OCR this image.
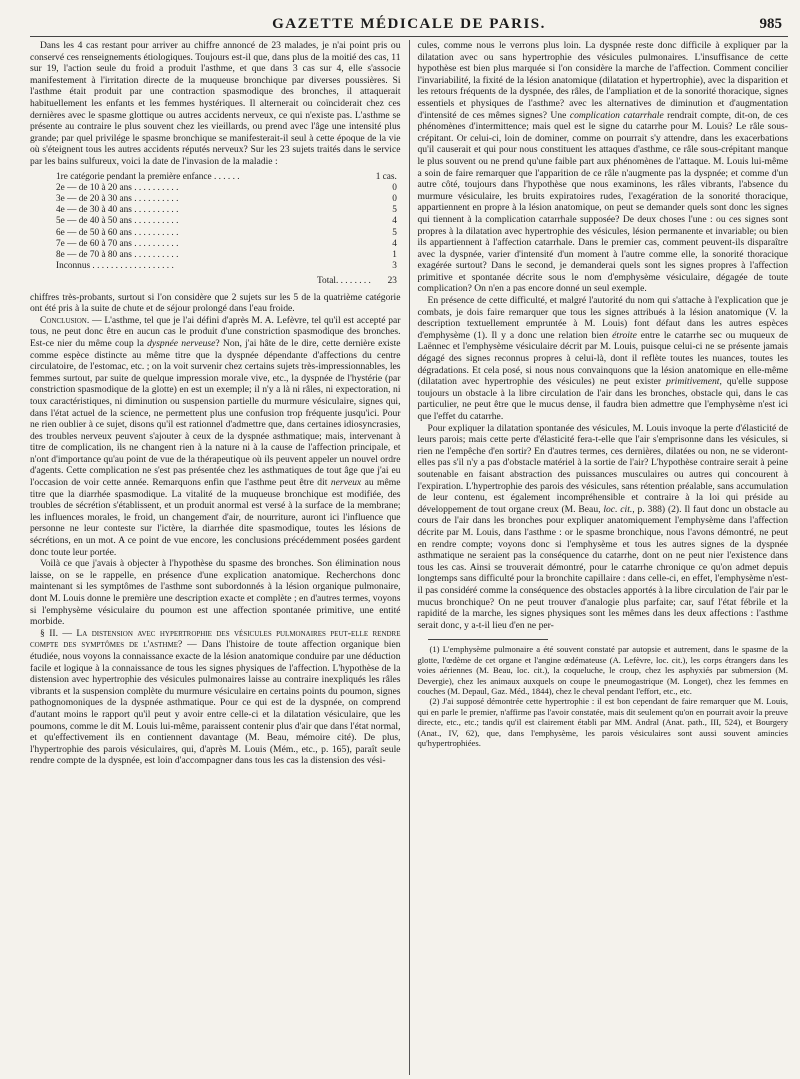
GAZETTE MÉDICALE DE PARIS.	985

Dans les 4 cas restant pour arriver au chiffre annoncé de 23 malades, je n'ai point pris ou conservé ces renseignements étiologiques. Toujours est-il que, dans plus de la moitié des cas, 11 sur 19, l'action seule du froid a produit l'asthme, et que dans 3 cas sur 4, elle s'associe manifestement à l'irritation directe de la muqueuse bronchique par diverses poussières. Si l'asthme était produit par une contraction spasmodique des bronches, il attaquerait habituellement les enfants et les femmes hystériques. Il alternerait ou coïnciderait chez ces dernières avec le spasme glottique ou autres accidents nerveux, ce qui n'existe pas. L'asthme se présente au contraire le plus souvent chez les vieillards, ou prend avec l'âge une intensité plus grande; par quel privilége le spasme bronchique se manifesterait-il seul à cette époque de la vie où s'éteignent tous les autres accidents réputés nerveux? Sur les 23 sujets traités dans le service par les bains sulfureux, voici la date de l'invasion de la maladie :

1re catégorie pendant la première enfance . . . . . .	1 cas.
2e — de 10 à 20 ans . . . . . . . . . .	0
3e — de 20 à 30 ans . . . . . . . . . .	0
4e — de 30 à 40 ans . . . . . . . . . .	5
5e — de 40 à 50 ans . . . . . . . . . .	4
6e — de 50 à 60 ans . . . . . . . . . .	5
7e — de 60 à 70 ans . . . . . . . . . .	4
8e — de 70 à 80 ans . . . . . . . . . .	1
Inconnus . . . . . . . . . . . . . . . . . .	3
Total. . . . . . . .	23

chiffres très-probants, surtout si l'on considère que 2 sujets sur les 5 de la quatrième catégorie ont été pris à la suite de chute et de séjour prolongé dans l'eau froide.

Conclusion. — L'asthme, tel que je l'ai défini d'après M. A. Lefèvre, tel qu'il est accepté par tous, ne peut donc être en aucun cas le produit d'une constriction spasmodique des bronches. Est-ce nier du même coup la dyspnée nerveuse? Non, j'ai hâte de le dire, cette dernière existe comme espèce distincte au même titre que la dyspnée dépendante d'affections du centre circulatoire, de l'estomac, etc. ; on la voit survenir chez certains sujets très-impressionnables, les femmes surtout, par suite de quelque impression morale vive, etc., la dyspnée de l'hystérie (par constriction spasmodique de la glotte) en est un exemple; il n'y a là ni râles, ni expectoration, ni toux caractéristiques, ni diminution ou suspension partielle du murmure vésiculaire, signes qui, dans l'état actuel de la science, ne permettent plus une confusion trop fréquente jusqu'ici. Pour ne rien oublier à ce sujet, disons qu'il est rationnel d'admettre que, dans certaines idiosyncrasies, des troubles nerveux peuvent s'ajouter à ceux de la dyspnée asthmatique; mais, intervenant à titre de complication, ils ne changent rien à la nature ni à la cause de l'affection principale, et n'ont d'importance qu'au point de vue de la thérapeutique où ils peuvent appeler un nouvel ordre d'agents. Cette complication ne s'est pas présentée chez les asthmatiques de tout âge que j'ai eu l'occasion de voir cette année. Remarquons enfin que l'asthme peut être dit nerveux au même titre que la diarrhée spasmodique. La vitalité de la muqueuse bronchique est modifiée, des troubles de sécrétion s'établissent, et un produit anormal est versé à la surface de la membrane; les influences morales, le froid, un changement d'air, de nourriture, auront ici l'influence que personne ne leur conteste sur l'ictère, la diarrhée dite spasmodique, toutes les lésions de sécrétions, en un mot. A ce point de vue encore, les conclusions précédemment posées gardent donc toute leur portée.

Voilà ce que j'avais à objecter à l'hypothèse du spasme des bronches. Son élimination nous laisse, on se le rappelle, en présence d'une explication anatomique. Recherchons donc maintenant si les symptômes de l'asthme sont subordonnés à la lésion organique pulmonaire, dont M. Louis donne le première une description exacte et complète ; en d'autres termes, voyons si l'emphysème vésiculaire du poumon est une affection spontanée primitive, une entité morbide.

§ II. — La distension avec hypertrophie des vésicules pulmonaires peut-elle rendre compte des symptômes de l'asthme? — Dans l'histoire de toute affection organique bien étudiée, nous voyons la connaissance exacte de la lésion anatomique conduire par une déduction facile et logique à la connaissance de tous les signes physiques de l'affection. L'hypothèse de la distension avec hypertrophie des vésicules pulmonaires laisse au contraire inexpliqués les râles vibrants et la suspension complète du murmure vésiculaire en certains points du poumon, signes pathognomoniques de la dyspnée asthmatique. Pour ce qui est de la dyspnée, on comprend d'autant moins le rapport qu'il peut y avoir entre celle-ci et la dilatation vésiculaire, que les poumons, comme le dit M. Louis lui-même, paraissent contenir plus d'air que dans l'état normal, et qu'effectivement ils en contiennent davantage (M. Beau, mémoire cité). De plus, l'hypertrophie des parois vésiculaires, qui, d'après M. Louis (Mém., etc., p. 165), paraît seule rendre compte de la dyspnée, est loin d'accompagner dans tous les cas la distension des vési-

cules, comme nous le verrons plus loin. La dyspnée reste donc difficile à expliquer par la dilatation avec ou sans hypertrophie des vésicules pulmonaires. L'insuffisance de cette hypothèse est bien plus marquée si l'on considère la marche de l'affection. Comment concilier l'invariabilité, la fixité de la lésion anatomique (dilatation et hypertrophie), avec la disparition et les retours fréquents de la dyspnée, des râles, de l'ampliation et de la sonorité thoracique, signes essentiels et physiques de l'asthme? avec les alternatives de diminution et d'augmentation d'intensité de ces mêmes signes? Une complication catarrhale rendrait compte, dit-on, de ces phénomènes d'intermittence; mais quel est le signe du catarrhe pour M. Louis? Le râle sous-crépitant. Or celui-ci, loin de dominer, comme on pourrait s'y attendre, dans les exacerbations qu'il causerait et qui pour nous constituent les attaques d'asthme, ce râle sous-crépitant manque le plus souvent ou ne prend qu'une faible part aux phénomènes de l'attaque. M. Louis lui-même a soin de faire remarquer que l'apparition de ce râle n'augmente pas la dyspnée; et comme d'un autre côté, toujours dans l'hypothèse que nous examinons, les râles vibrants, l'absence du murmure vésiculaire, les bruits expiratoires rudes, l'exagération de la sonorité thoracique, appartiennent en propre à la lésion anatomique, on peut se demander quels sont donc les signes qui tiennent à la complication catarrhale supposée? De deux choses l'une : ou ces signes sont propres à la dilatation avec hypertrophie des vésicules, lésion permanente et invariable; ou bien ils appartiennent à l'affection catarrhale. Dans le premier cas, comment peuvent-ils disparaître avec la dyspnée, varier d'intensité d'un moment à l'autre comme elle, la sonorité thoracique exagérée surtout? Dans le second, je demanderai quels sont les signes propres à l'affection primitive et spontanée décrite sous le nom d'emphysème vésiculaire, dégagée de toute complication? On n'en a pas encore donné un seul exemple.

En présence de cette difficulté, et malgré l'autorité du nom qui s'attache à l'explication que je combats, je dois faire remarquer que tous les signes attribués à la lésion anatomique (V. la description textuellement empruntée à M. Louis) font défaut dans les autres espèces d'emphysème (1). Il y a donc une relation bien étroite entre le catarrhe sec ou muqueux de Laënnec et l'emphysème vésiculaire décrit par M. Louis, puisque celui-ci ne se présente jamais dégagé des signes reconnus propres à celui-là, dont il reflète toutes les nuances, toutes les dégradations. Et cela posé, si nous nous convainquons que la lésion anatomique en elle-même (dilatation avec hypertrophie des vésicules) ne peut exister primitivement, qu'elle suppose toujours un obstacle à la libre circulation de l'air dans les bronches, obstacle qui, dans le cas particulier, ne peut être que le mucus dense, il faudra bien admettre que l'emphysème n'est ici que l'effet du catarrhe.

Pour expliquer la dilatation spontanée des vésicules, M. Louis invoque la perte d'élasticité de leurs parois; mais cette perte d'élasticité fera-t-elle que l'air s'emprisonne dans les vésicules, si rien ne l'empêche d'en sortir? En d'autres termes, ces dernières, dilatées ou non, ne se videront-elles pas s'il n'y a pas d'obstacle matériel à la sortie de l'air? L'hypothèse contraire serait à peine soutenable en faisant abstraction des puissances musculaires ou autres qui concourent à l'expiration. L'hypertrophie des parois des vésicules, sans rétention préalable, sans accumulation de leur contenu, est également incompréhensible et contraire à la loi qui préside au développement de tout organe creux (M. Beau, loc. cit., p. 388) (2). Il faut donc un obstacle au cours de l'air dans les bronches pour expliquer anatomiquement l'emphysème dans l'affection décrite par M. Louis, dans l'asthme : or le spasme bronchique, nous l'avons démontré, ne peut en rendre compte; voyons donc si l'emphysème et tous les autres signes de la dyspnée asthmatique ne seraient pas la conséquence du catarrhe, dont on ne peut nier l'existence dans tous les cas. Ainsi se trouverait démontré, pour le catarrhe chronique ce qu'on admet depuis longtemps sans difficulté pour la bronchite capillaire : dans celle-ci, en effet, l'emphysème n'est-il pas considéré comme la conséquence des obstacles apportés à la libre circulation de l'air par le mucus bronchique? On ne peut trouver d'analogie plus parfaite; car, sauf l'état fébrile et la rapidité de la marche, les signes physiques sont les mêmes dans les deux affections : l'asthme serait donc, y a-t-il lieu d'en ne per-

(1) L'emphysème pulmonaire a été souvent constaté par autopsie et autrement, dans le spasme de la glotte, l'œdème de cet organe et l'angine œdémateuse (A. Lefèvre, loc. cit.), les corps étrangers dans les voies aériennes (M. Beau, loc. cit.), la coqueluche, le croup, chez les asphyxiés par submersion (M. Devergie), chez les animaux auxquels on coupe le pneumogastrique (M. Longet), chez les femmes en couches (M. Depaul, Gaz. Méd., 1844), chez le cheval pendant l'effort, etc., etc.

(2) J'ai supposé démontrée cette hypertrophie : il est bon cependant de faire remarquer que M. Louis, qui en parle le premier, n'affirme pas l'avoir constatée, mais dit seulement qu'on en pourrait avoir la preuve directe, etc., etc.; tandis qu'il est clairement établi par MM. Andral (Anat. path., III, 524), et Bourgery (Anat., IV, 62), que, dans l'emphysème, les parois vésiculaires sont aussi souvent amincies qu'hypertrophiées.
